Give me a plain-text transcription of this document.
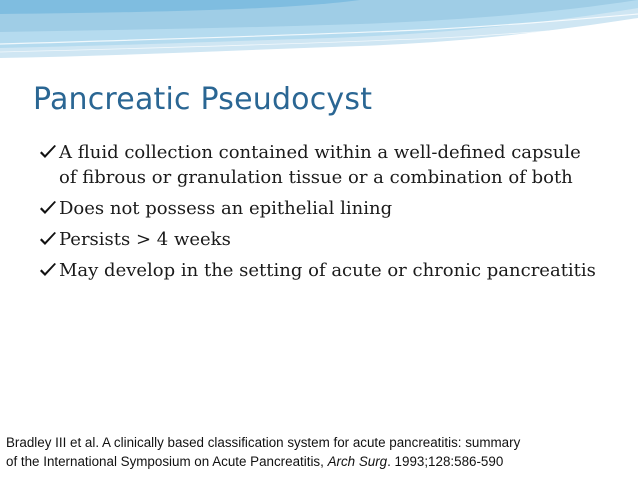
Pancreatic Pseudocyst
A fluid collection contained within a well-defined capsule of fibrous or granulation tissue or a combination of both
Does not possess an epithelial lining
Persists > 4 weeks
May develop in the setting of acute or chronic pancreatitis

Bradley III et al. A clinically based classification system for acute pancreatitis: summary
of the International Symposium on Acute Pancreatitis, Arch Surg. 1993;128:586-590
